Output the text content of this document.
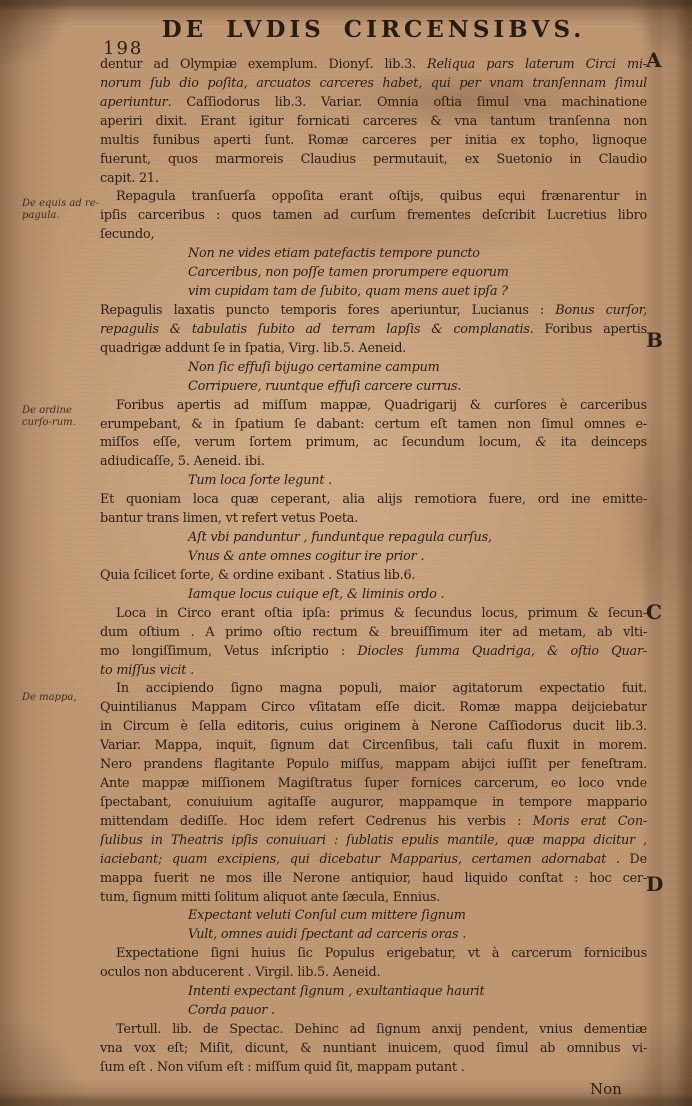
198
DE LVDIS CIRCENSIBVS.
dentur ad Olympiæ exemplum. Dionyſ. lib.3. Reliqua pars laterum Circi mi-
norum ſub dio poſita, arcuatos carceres habet, qui per vnam tranſennam ſimul
aperiuntur. Caſſiodorus lib.3. Variar. Omnia oſtia ſimul vna machinatione
aperiri dixit. Erant igitur fornicati carceres & vna tantum tranſenna non
multis funibus aperti ſunt. Romæ carceres per initia ex topho, lignoque
fuerunt, quos marmoreis Claudius permutauit, ex Suetonio in Claudio
capit. 21.
Repagula tranſuerſa oppoſita erant oſtijs, quibus equi frænarentur in
ipſis carceribus : quos tamen ad curſum frementes deſcribit Lucretius libro
ſecundo,
Non ne vides etiam patefactis tempore puncto
Carceribus, non poſſe tamen prorumpere equorum
vim cupidam tam de ſubito, quam mens auet ipſa ?
Repagulis laxatis puncto temporis fores aperiuntur, Lucianus : Bonus curſor,
repagulis & tabulatis ſubito ad terram lapſis & complanatis. Foribus apertis
quadrigæ addunt ſe in ſpatia, Virg. lib.5. Aeneid.
Non ſic effuſi bijugo certamine campum
Corripuere, ruuntque effuſi carcere currus.
Foribus apertis ad miſſum mappæ, Quadrigarij & curſores è carceribus
erumpebant, & in ſpatium ſe dabant: certum eſt tamen non ſimul omnes e-
miſſos eſſe, verum ſortem primum, ac ſecundum locum, & ita deinceps
adiudicaſſe, 5. Aeneid. ibi.
Tum loca ſorte legunt .
Et quoniam loca quæ ceperant, alia alijs remotiora fuere, ord ine emitte-
bantur trans limen, vt refert vetus Poeta.
Aſt vbi panduntur , funduntque repagula curſus,
Vnus & ante omnes cogitur ire prior .
Quia ſcilicet ſorte, & ordine exibant . Statius lib.6.
Iamque locus cuique eſt, & liminis ordo .
Loca in Circo erant oſtia ipſa: primus & ſecundus locus, primum & ſecun-
dum oſtium . A primo oſtio rectum & breuiſſimum iter ad metam, ab vlti-
mo longiſſimum, Vetus inſcriptio : Diocles ſumma Quadriga, & oſtio Quar-
to miſſus vicit .
In accipiendo ſigno magna populi, maior agitatorum expectatio fuit.
Quintilianus Mappam Circo vſitatam eſſe dicit. Romæ mappa deijciebatur
in Circum è ſella editoris, cuius originem à Nerone Caſſiodorus ducit lib.3.
Variar. Mappa, inquit, ſignum dat Circenſibus, tali caſu fluxit in morem.
Nero prandens flagitante Populo miſſus, mappam abijci iuſſit per feneſtram.
Ante mappæ miſſionem Magiſtratus ſuper fornices carcerum, eo loco vnde
ſpectabant, conuiuium agitaſſe auguror, mappamque in tempore mappario
mittendam dediſſe. Hoc idem refert Cedrenus his verbis : Moris erat Con-
ſulibus in Theatris ipſis conuiuari : ſublatis epulis mantile, quæ mappa dicitur ,
iaciebant; quam excipiens, qui dicebatur Mapparius, certamen adornabat . De
mappa fuerit ne mos ille Nerone antiquior, haud liquido conſtat : hoc cer-
tum, ſignum mitti ſolitum aliquot ante ſæcula, Ennius.
Expectant veluti Conſul cum mittere ſignum
Vult, omnes auidi ſpectant ad carceris oras .
Expectatione ſigni huius ſic Populus erigebatur, vt à carcerum fornicibus
oculos non abducerent . Virgil. lib.5. Aeneid.
Intenti expectant ſignum , exultantiaque haurit
Corda pauor .
Tertull. lib. de Spectac. Dehinc ad ſignum anxij pendent, vnius dementiæ
vna vox eſt; Miſit, dicunt, & nuntiant inuicem, quod ſimul ab omnibus vi-
ſum eſt . Non viſum eſt : miſſum quid ſit, mappam putant .
De equis ad re-pagula.
De ordine curſo-rum.
De mappa,
A
B
C
D
Non
